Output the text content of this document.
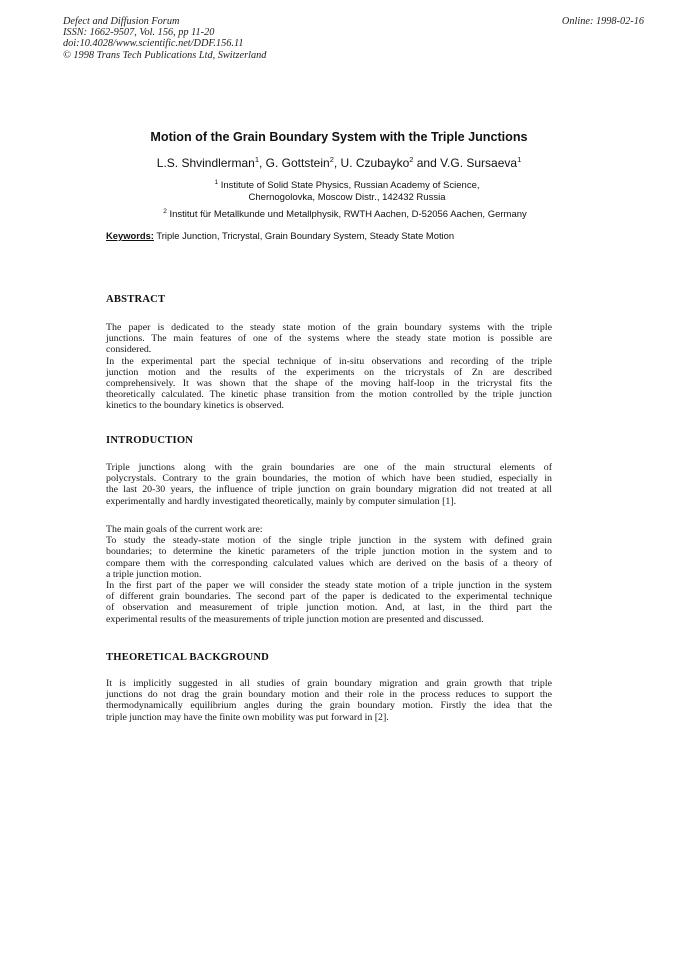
Defect and Diffusion Forum
ISSN: 1662-9507, Vol. 156, pp 11-20
doi:10.4028/www.scientific.net/DDF.156.11
© 1998 Trans Tech Publications Ltd, Switzerland
Online: 1998-02-16
Motion of the Grain Boundary System with the Triple Junctions
L.S. Shvindlerman$^1$, G. Gottstein$^2$, U. Czubayko$^2$ and V.G. Sursaeva$^1$
$^1$ Institute of Solid State Physics, Russian Academy of Science,
Chernogolovka, Moscow Distr., 142432 Russia
$^2$ Institut für Metallkunde und Metallphysik, RWTH Aachen, D-52056 Aachen, Germany
Keywords: Triple Junction, Tricrystal, Grain Boundary System, Steady State Motion
ABSTRACT
The paper is dedicated to the steady state motion of the grain boundary systems with the triple
junctions. The main features of one of the systems where the steady state motion is possible are
considered.
In the experimental part the special technique of in-situ observations and recording of the triple
junction motion and the results of the experiments on the tricrystals of Zn are described
comprehensively. It was shown that the shape of the moving half-loop in the tricrystal fits the
theoretically calculated. The kinetic phase transition from the motion controlled by the triple junction
kinetics to the boundary kinetics is observed.
INTRODUCTION
Triple junctions along with the grain boundaries are one of the main structural elements of
polycrystals. Contrary to the grain boundaries, the motion of which have been studied, especially in
the last 20-30 years, the influence of triple junction on grain boundary migration did not treated at all
experimentally and hardly investigated theoretically, mainly by computer simulation [1].
The main goals of the current work are:
To study the steady-state motion of the single triple junction in the system with defined grain
boundaries; to determine the kinetic parameters of the triple junction motion in the system and to
compare them with the corresponding calculated values which are derived on the basis of a theory of
a triple junction motion.
In the first part of the paper we will consider the steady state motion of a triple junction in the system
of different grain boundaries. The second part of the paper is dedicated to the experimental technique
of observation and measurement of triple junction motion. And, at last, in the third part the
experimental results of the measurements of triple junction motion are presented and discussed.
THEORETICAL BACKGROUND
It is implicitly suggested in all studies of grain boundary migration and grain growth that triple
junctions do not drag the grain boundary motion and their role in the process reduces to support the
thermodynamically equilibrium angles during the grain boundary motion. Firstly the idea that the
triple junction may have the finite own mobility was put forward in [2].
